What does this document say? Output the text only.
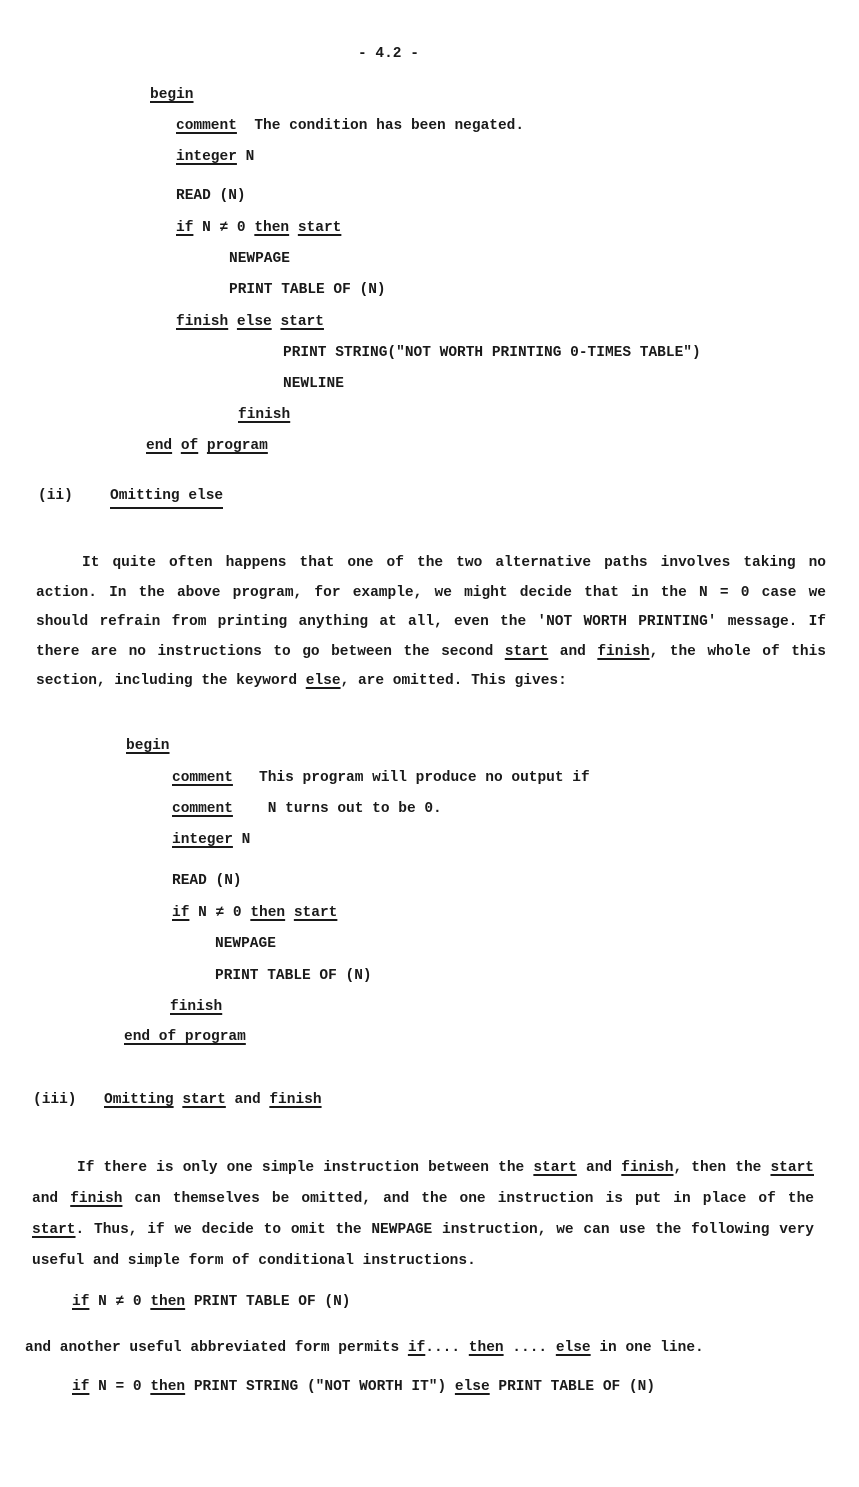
- 4.2 -
begin
comment The condition has been negated.
integer N
READ (N)
if N ≠ 0 then start
NEWPAGE
PRINT TABLE OF (N)
finish else start
PRINT STRING("NOT WORTH PRINTING 0-TIMES TABLE")
NEWLINE
finish
end of program
(ii)	Omitting else
It quite often happens that one of the two alternative paths involves taking no action. In the above program, for example, we might decide that in the N = 0 case we should refrain from printing anything at all, even the 'NOT WORTH PRINTING' message. If there are no instructions to go between the second start and finish, the whole of this section, including the keyword else, are omitted. This gives:
begin
comment This program will produce no output if
comment N turns out to be 0.
integer N
READ (N)
if N ≠ 0 then start
NEWPAGE
PRINT TABLE OF (N)
finish
end of program
(iii) Omitting start and finish
If there is only one simple instruction between the start and finish, then the start and finish can themselves be omitted, and the one instruction is put in place of the start. Thus, if we decide to omit the NEWPAGE instruction, we can use the following very useful and simple form of conditional instructions.
if N ≠ 0 then PRINT TABLE OF (N)
and another useful abbreviated form permits if.... then .... else in one line.
if N = 0 then PRINT STRING ("NOT WORTH IT") else PRINT TABLE OF (N)
